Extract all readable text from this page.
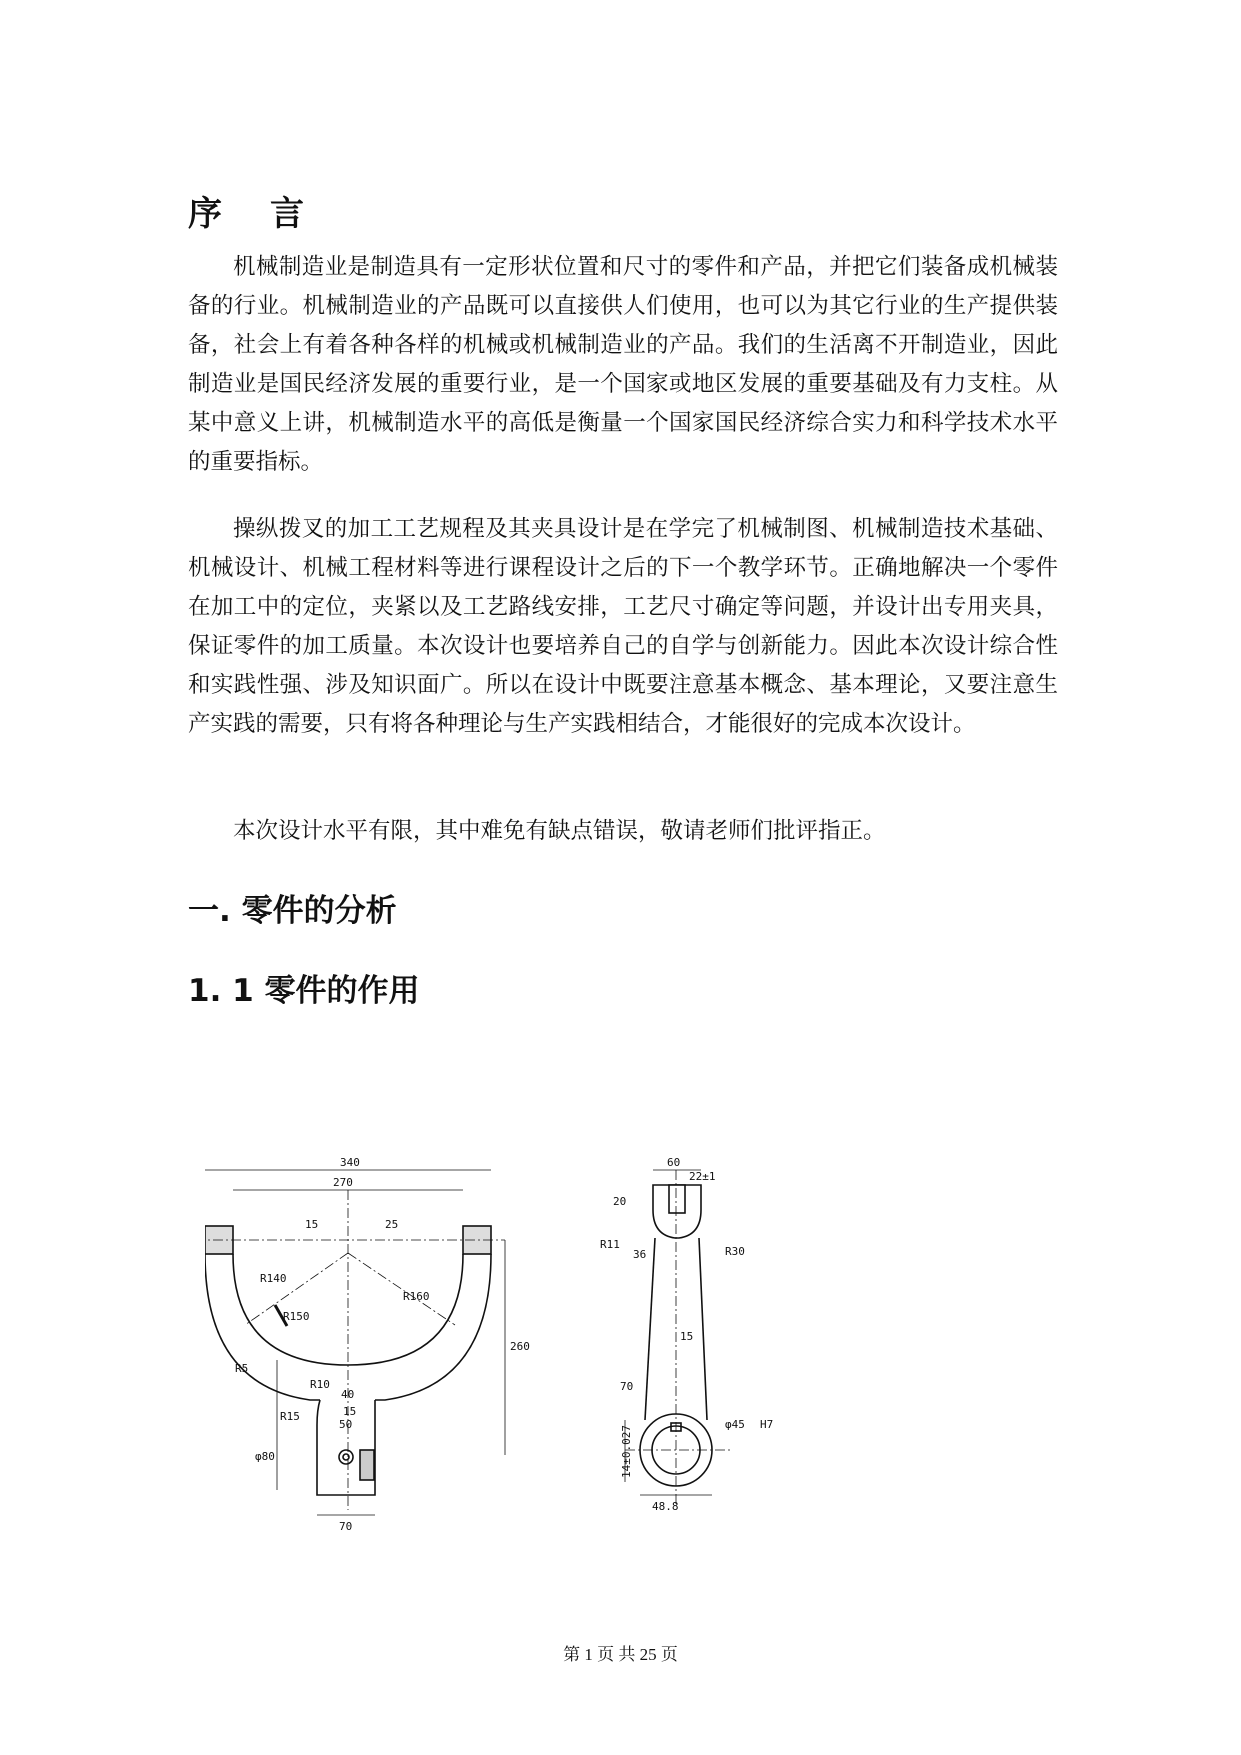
序 言

机械制造业是制造具有一定形状位置和尺寸的零件和产品，并把它们装备成机械装备的行业。机械制造业的产品既可以直接供人们使用，也可以为其它行业的生产提供装备，社会上有着各种各样的机械或机械制造业的产品。我们的生活离不开制造业，因此制造业是国民经济发展的重要行业，是一个国家或地区发展的重要基础及有力支柱。从某中意义上讲，机械制造水平的高低是衡量一个国家国民经济综合实力和科学技术水平的重要指标。

操纵拨叉的加工工艺规程及其夹具设计是在学完了机械制图、机械制造技术基础、机械设计、机械工程材料等进行课程设计之后的下一个教学环节。正确地解决一个零件在加工中的定位，夹紧以及工艺路线安排，工艺尺寸确定等问题，并设计出专用夹具，保证零件的加工质量。本次设计也要培养自己的自学与创新能力。因此本次设计综合性和实践性强、涉及知识面广。所以在设计中既要注意基本概念、基本理论，又要注意生产实践的需要，只有将各种理论与生产实践相结合，才能很好的完成本次设计。

本次设计水平有限，其中难免有缺点错误，敬请老师们批评指正。

一. 零件的分析
1. 1 零件的作用
340
270
15	25
R140
R150
R160
260
R5
R10
40
R15	15
50
φ80
70
60
22±1
20
R11
R30
36
15
70
φ45 H7
48.8
14±0.027
第 1 页 共 25 页
